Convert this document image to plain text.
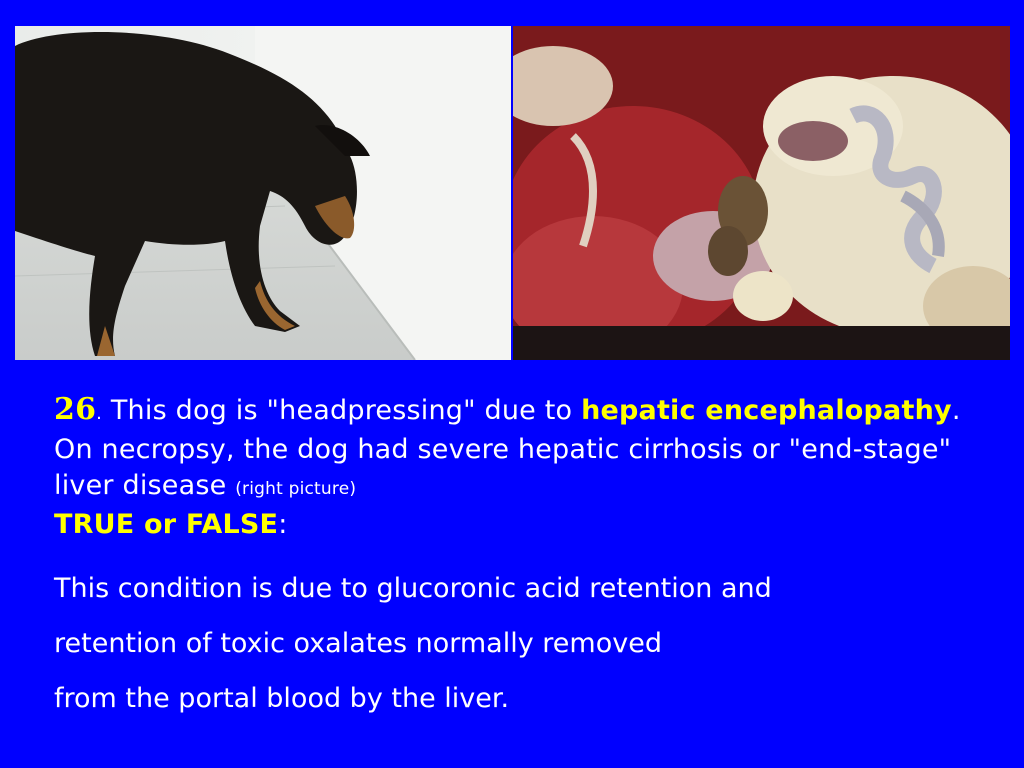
26. This dog is "headpressing" due to hepatic encephalopathy. On necropsy, the dog had severe hepatic cirrhosis or "end-stage" liver disease (right picture)
TRUE or FALSE:
This condition is due to glucoronic acid retention and
retention of toxic oxalates normally removed
from the portal blood by the liver.
